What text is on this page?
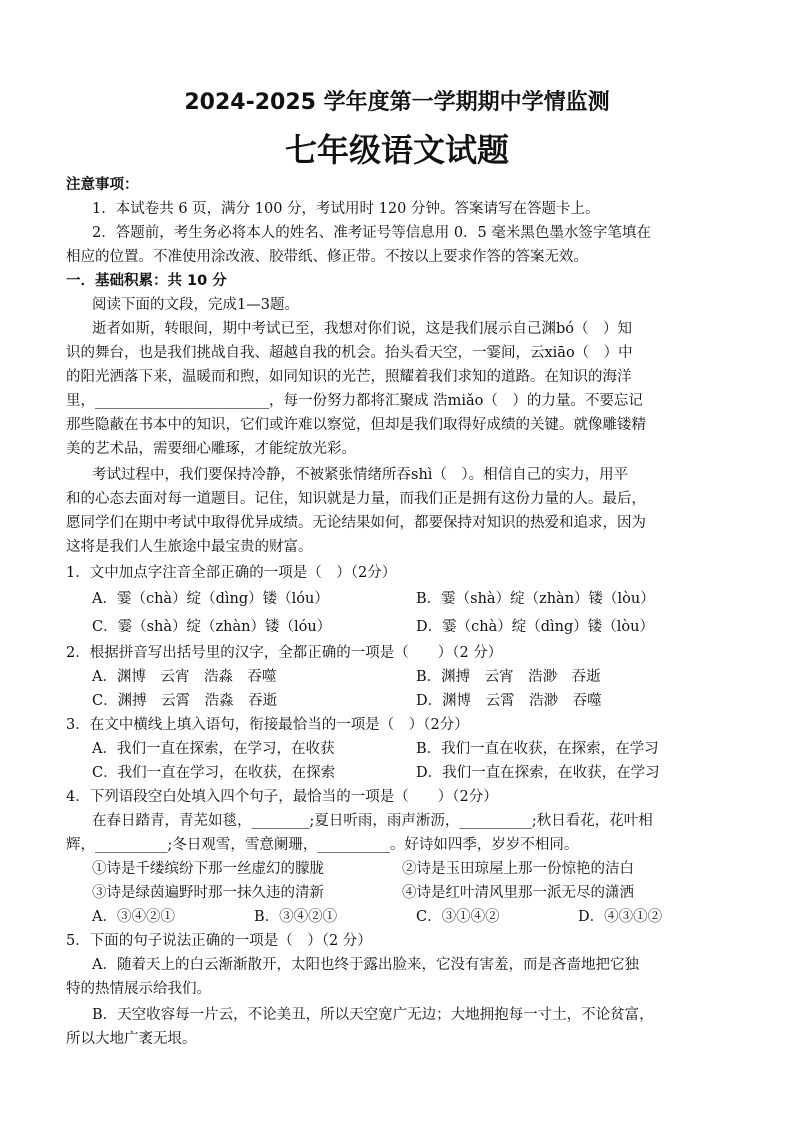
2024-2025 学年度第一学期期中学情监测
七年级语文试题
注意事项：
1．本试卷共 6 页，满分 100 分，考试用时 120 分钟。答案请写在答题卡上。
2．答题前，考生务必将本人的姓名、准考证号等信息用 0．5 毫米黑色墨水签字笔填在
相应的位置。不准使用涂改液、胶带纸、修正带。不按以上要求作答的答案无效。
一．基础积累：共 10 分
阅读下面的文段，完成1—3题。
逝者如斯，转眼间，期中考试已至，我想对你们说，这是我们展示自己渊bó（　）知
识的舞台，也是我们挑战自我、超越自我的机会。抬头看天空，一霎间，云xiāo（　）中
的阳光洒落下来，温暖而和煦，如同知识的光芒，照耀着我们求知的道路。在知识的海洋
里，________________________，每一份努力都将汇聚成 浩miǎo（　）的力量。不要忘记
那些隐蔽在书本中的知识，它们或许难以察觉，但却是我们取得好成绩的关键。就像雕镂精
美的艺术品，需要细心雕琢，才能绽放光彩。
考试过程中，我们要保持冷静，不被紧张情绪所吞shì（　）。相信自己的实力，用平
和的心态去面对每一道题目。记住，知识就是力量，而我们正是拥有这份力量的人。最后，
愿同学们在期中考试中取得优异成绩。无论结果如何，都要保持对知识的热爱和追求，因为
这将是我们人生旅途中最宝贵的财富。
1．文中加点字注音全部正确的一项是（　）（2分）
A．霎（chà）绽（dìng）镂（lóu）	B．霎（shà）绽（zhàn）镂（lòu）
C．霎（shà）绽（zhàn）镂（lóu）	D．霎（chà）绽（dìng）镂（lòu）
2．根据拼音写出括号里的汉字，全都正确的一项是（　　）（2 分）
A．渊博　云宵　浩淼　吞噬	B．渊搏　云宵　浩渺　吞逝
C．渊搏　云霄　浩淼　吞逝	D．渊博　云霄　浩渺　吞噬
3．在文中横线上填入语句，衔接最恰当的一项是（　）（2分）
A．我们一直在探索，在学习，在收获	B．我们一直在收获，在探索，在学习
C．我们一直在学习，在收获，在探索	D．我们一直在探索，在收获，在学习
4．下列语段空白处填入四个句子，最恰当的一项是（　　）（2分）
在春日踏青，青芜如毯，________;夏日听雨，雨声淅沥，__________;秋日看花，花叶相
辉，__________;冬日观雪，雪意阑珊，__________。好诗如四季，岁岁不相同。
①诗是千缕缤纷下那一丝虚幻的朦胧	②诗是玉田琼屋上那一份惊艳的洁白
③诗是绿茵遍野时那一抹久违的清新	④诗是红叶清风里那一派无尽的潇洒
A．③④②①	B．③④②①	C．③①④②	D．④③①②
5．下面的句子说法正确的一项是（　）（2 分）
A．随着天上的白云渐渐散开，太阳也终于露出脸来，它没有害羞，而是吝啬地把它独
特的热情展示给我们。
B．天空收容每一片云，不论美丑，所以天空宽广无边；大地拥抱每一寸土，不论贫富，
所以大地广袤无垠。
